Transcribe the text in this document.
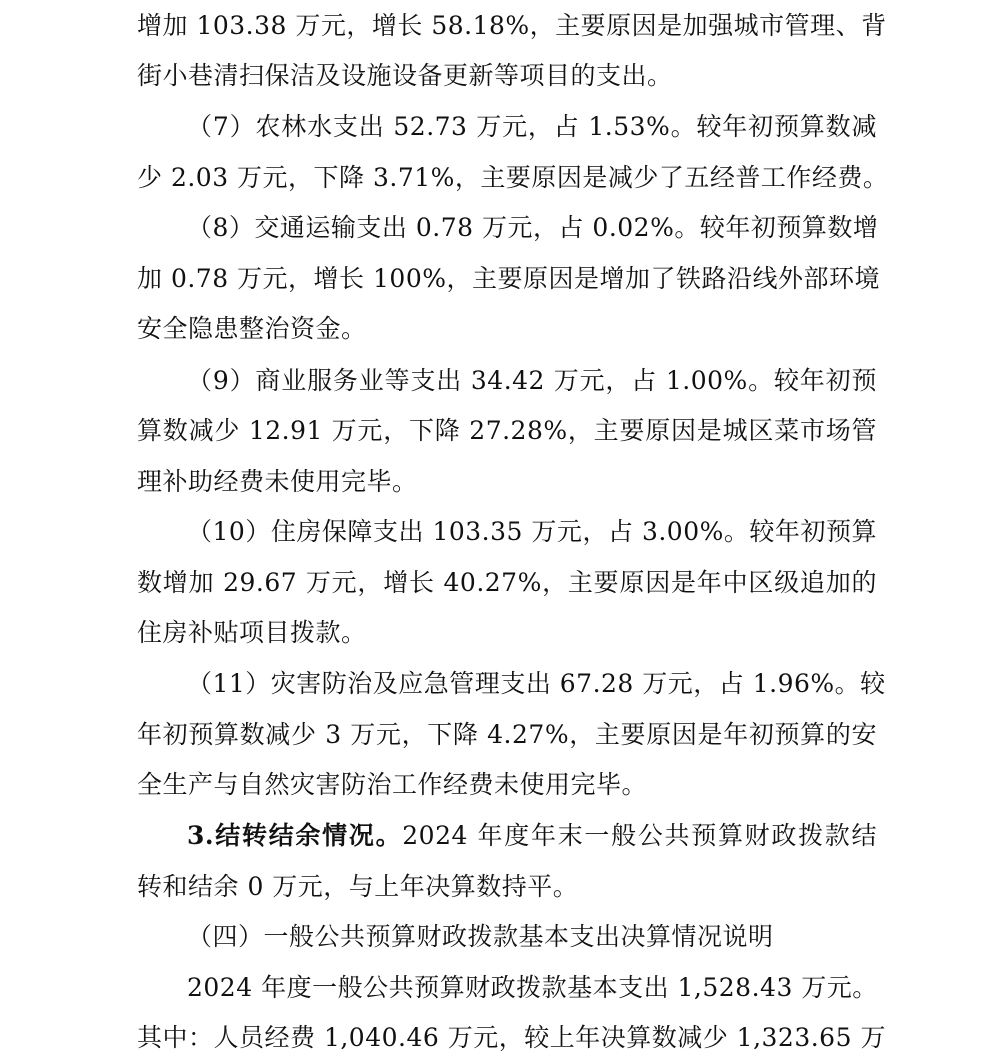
增加 103.38 万元，增长 58.18%，主要原因是加强城市管理、背

街小巷清扫保洁及设施设备更新等项目的支出。

（7）农林水支出 52.73 万元，占 1.53%。较年初预算数减

少 2.03 万元，下降 3.71%，主要原因是减少了五经普工作经费。

（8）交通运输支出 0.78 万元，占 0.02%。较年初预算数增

加 0.78 万元，增长 100%，主要原因是增加了铁路沿线外部环境

安全隐患整治资金。

（9）商业服务业等支出 34.42 万元，占 1.00%。较年初预

算数减少 12.91 万元，下降 27.28%，主要原因是城区菜市场管

理补助经费未使用完毕。

（10）住房保障支出 103.35 万元，占 3.00%。较年初预算

数增加 29.67 万元，增长 40.27%，主要原因是年中区级追加的

住房补贴项目拨款。

（11）灾害防治及应急管理支出 67.28 万元，占 1.96%。较

年初预算数减少 3 万元，下降 4.27%，主要原因是年初预算的安

全生产与自然灾害防治工作经费未使用完毕。

3.结转结余情况。2024 年度年末一般公共预算财政拨款结

转和结余 0 万元，与上年决算数持平。

（四）一般公共预算财政拨款基本支出决算情况说明

2024 年度一般公共预算财政拨款基本支出 1,528.43 万元。

其中：人员经费 1,040.46 万元，较上年决算数减少 1,323.65 万
